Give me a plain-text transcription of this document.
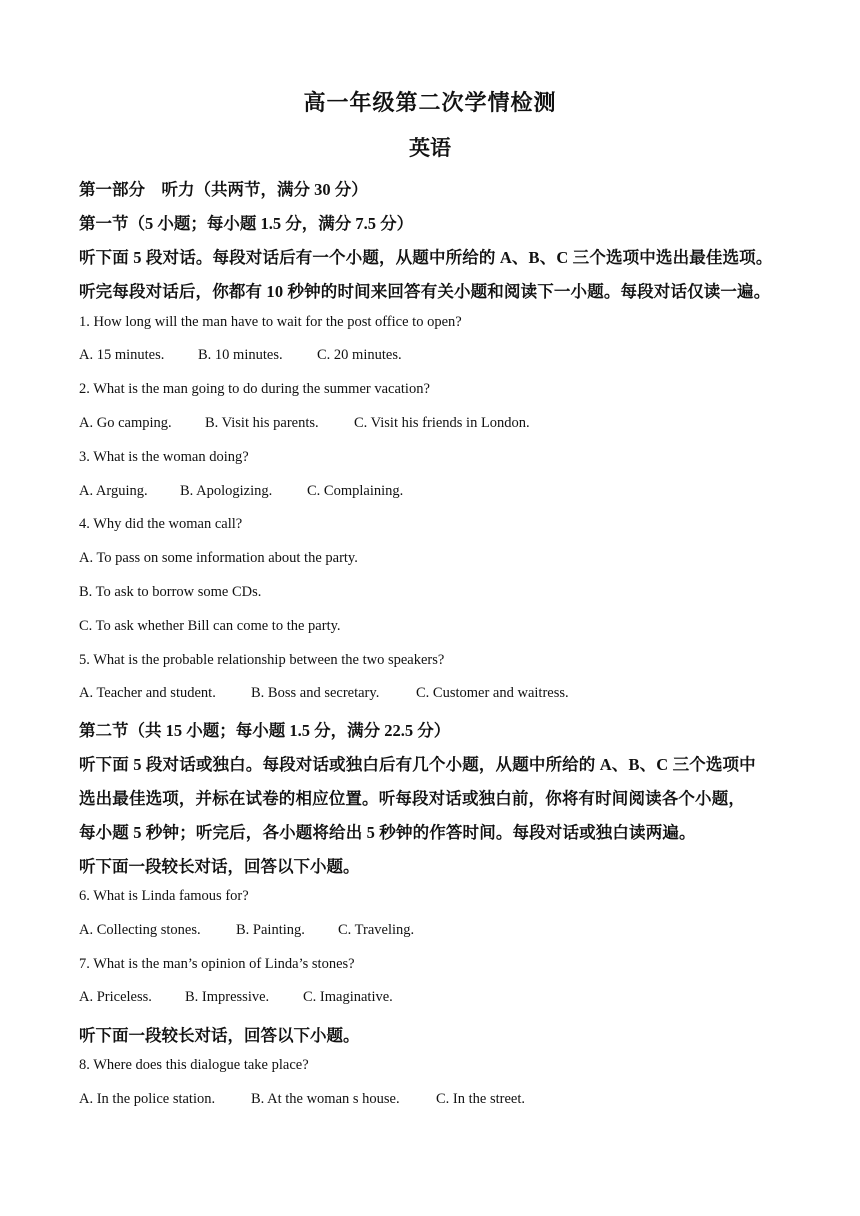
高一年级第二次学情检测
英语
第一部分　听力（共两节，满分 30 分）
第一节（5 小题；每小题 1.5 分，满分 7.5 分）
听下面 5 段对话。每段对话后有一个小题，从题中所给的 A、B、C 三个选项中选出最佳选项。
听完每段对话后，你都有 10 秒钟的时间来回答有关小题和阅读下一小题。每段对话仅读一遍。
1. How long will the man have to wait for the post office to open?
A. 15 minutes.	B. 10 minutes.	C. 20 minutes.
2. What is the man going to do during the summer vacation?
A. Go camping.	B. Visit his parents.	C. Visit his friends in London.
3. What is the woman doing?
A. Arguing.	B. Apologizing.	C. Complaining.
4. Why did the woman call?
A. To pass on some information about the party.
B. To ask to borrow some CDs.
C. To ask whether Bill can come to the party.
5. What is the probable relationship between the two speakers?
A. Teacher and student.	B. Boss and secretary.	C. Customer and waitress.
第二节（共 15 小题；每小题 1.5 分，满分 22.5 分）
听下面 5 段对话或独白。每段对话或独白后有几个小题，从题中所给的 A、B、C 三个选项中
选出最佳选项，并标在试卷的相应位置。听每段对话或独白前，你将有时间阅读各个小题，
每小题 5 秒钟；听完后，各小题将给出 5 秒钟的作答时间。每段对话或独白读两遍。
听下面一段较长对话，回答以下小题。
6. What is Linda famous for?
A. Collecting stones.	B. Painting.	C. Traveling.
7. What is the man’s opinion of Linda’s stones?
A. Priceless.	B. Impressive.	C. Imaginative.
听下面一段较长对话，回答以下小题。
8. Where does this dialogue take place?
A. In the police station.	B. At the woman s house.	C. In the street.
